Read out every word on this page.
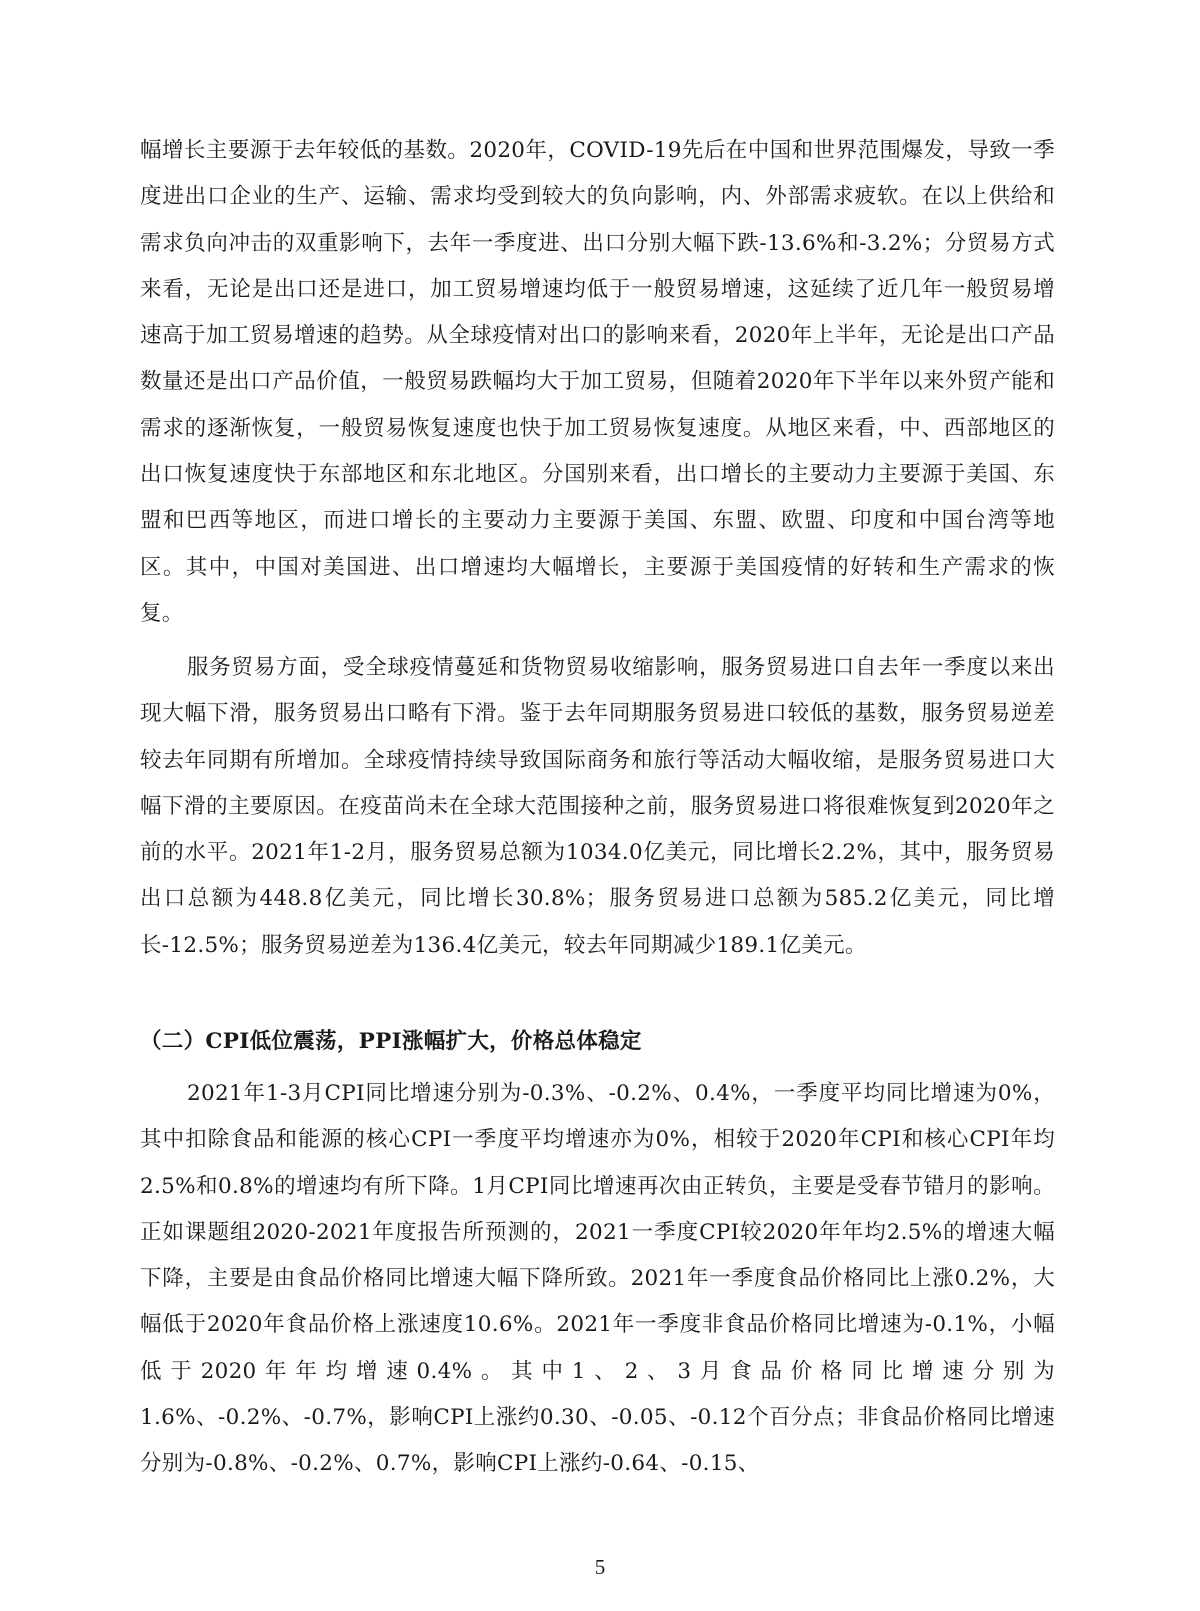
幅增长主要源于去年较低的基数。2020年，COVID-19先后在中国和世界范围爆发，导致一季度进出口企业的生产、运输、需求均受到较大的负向影响，内、外部需求疲软。在以上供给和需求负向冲击的双重影响下，去年一季度进、出口分别大幅下跌-13.6%和-3.2%；分贸易方式来看，无论是出口还是进口，加工贸易增速均低于一般贸易增速，这延续了近几年一般贸易增速高于加工贸易增速的趋势。从全球疫情对出口的影响来看，2020年上半年，无论是出口产品数量还是出口产品价值，一般贸易跌幅均大于加工贸易，但随着2020年下半年以来外贸产能和需求的逐渐恢复，一般贸易恢复速度也快于加工贸易恢复速度。从地区来看，中、西部地区的出口恢复速度快于东部地区和东北地区。分国别来看，出口增长的主要动力主要源于美国、东盟和巴西等地区，而进口增长的主要动力主要源于美国、东盟、欧盟、印度和中国台湾等地区。其中，中国对美国进、出口增速均大幅增长，主要源于美国疫情的好转和生产需求的恢复。

服务贸易方面，受全球疫情蔓延和货物贸易收缩影响，服务贸易进口自去年一季度以来出现大幅下滑，服务贸易出口略有下滑。鉴于去年同期服务贸易进口较低的基数，服务贸易逆差较去年同期有所增加。全球疫情持续导致国际商务和旅行等活动大幅收缩，是服务贸易进口大幅下滑的主要原因。在疫苗尚未在全球大范围接种之前，服务贸易进口将很难恢复到2020年之前的水平。2021年1-2月，服务贸易总额为1034.0亿美元，同比增长2.2%，其中，服务贸易出口总额为448.8亿美元，同比增长30.8%；服务贸易进口总额为585.2亿美元，同比增长-12.5%；服务贸易逆差为136.4亿美元，较去年同期减少189.1亿美元。

（二）CPI低位震荡，PPI涨幅扩大，价格总体稳定

2021年1-3月CPI同比增速分别为-0.3%、-0.2%、0.4%，一季度平均同比增速为0%，其中扣除食品和能源的核心CPI一季度平均增速亦为0%，相较于2020年CPI和核心CPI年均2.5%和0.8%的增速均有所下降。1月CPI同比增速再次由正转负，主要是受春节错月的影响。正如课题组2020-2021年度报告所预测的，2021一季度CPI较2020年年均2.5%的增速大幅下降，主要是由食品价格同比增速大幅下降所致。2021年一季度食品价格同比上涨0.2%，大幅低于2020年食品价格上涨速度10.6%。2021年一季度非食品价格同比增速为-0.1%，小幅低于2020年年均增速0.4%。其中1、2、3月食品价格同比增速分别为1.6%、-0.2%、-0.7%，影响CPI上涨约0.30、-0.05、-0.12个百分点；非食品价格同比增速分别为-0.8%、-0.2%、0.7%，影响CPI上涨约-0.64、-0.15、

5
